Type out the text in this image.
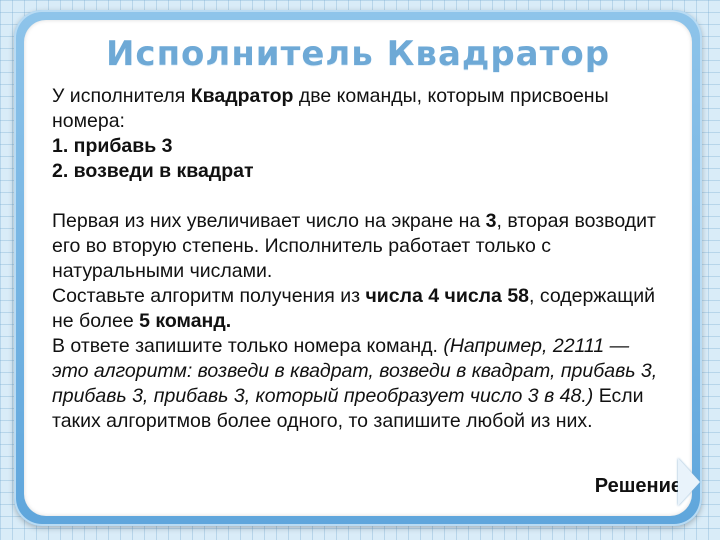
Исполнитель Квадратор

У исполнителя Квадратор две команды, которым присвоены номера:

1. прибавь 3

2. возведи в квадрат

Первая из них увеличивает число на экране на 3, вторая возводит его во вторую степень. Исполнитель работает только с натуральными числами.

Составьте алгоритм получения из числа 4 числа 58, содержащий не более 5 команд.

В ответе запишите только номера команд. (Например, 22111 — это алгоритм: возведи в квадрат, возведи в квадрат, прибавь 3, прибавь 3, прибавь 3, который преобразует число 3 в 48.) Если таких алгоритмов более одного, то запишите любой из них.

Решение
